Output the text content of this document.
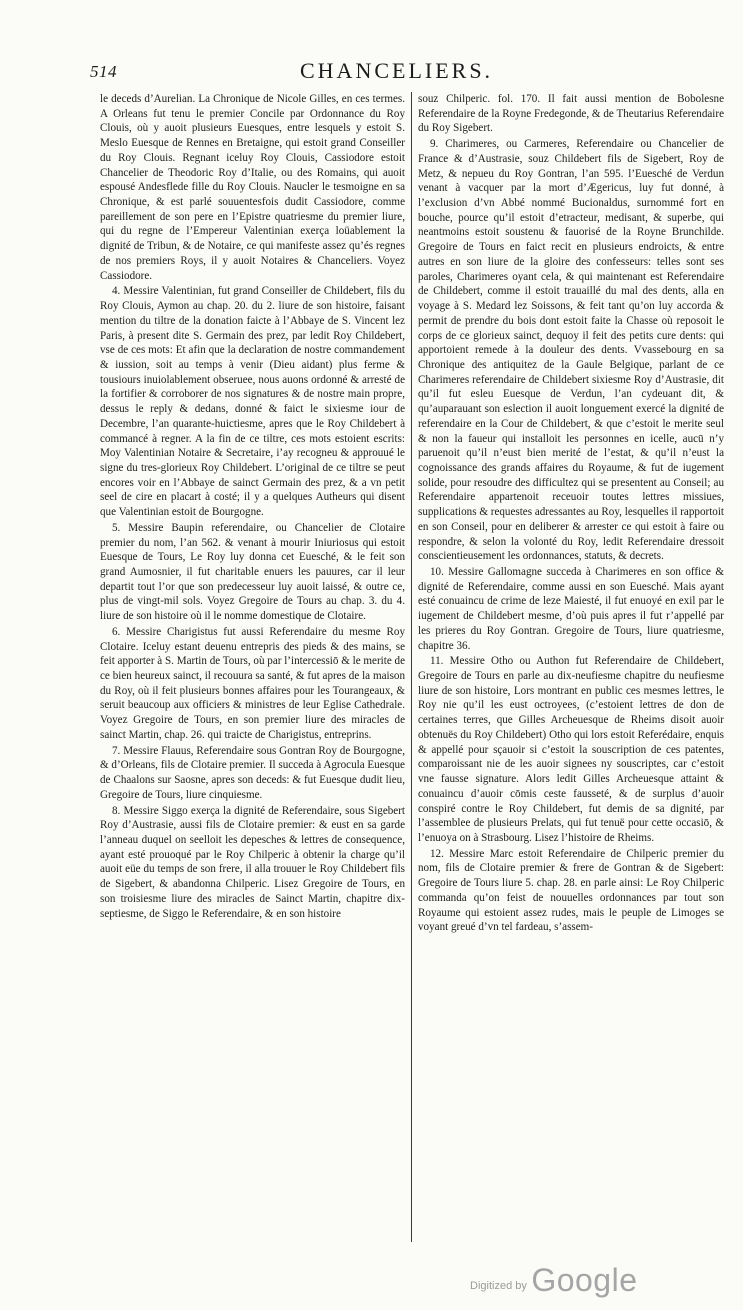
514	CHANCELIERS.

le deceds d’Aurelian. La Chronique de Nicole Gilles, en ces termes. A Orleans fut tenu le premier Concile par Ordonnance du Roy Clouis, où y auoit plusieurs Euesques, entre lesquels y estoit S. Meslo Euesque de Rennes en Bretaigne, qui estoit grand Conseiller du Roy Clouis. Regnant iceluy Roy Clouis, Cassiodore estoit Chancelier de Theodoric Roy d’Italie, ou des Romains, qui auoit espousé Andesflede fille du Roy Clouis. Naucler le tesmoigne en sa Chronique, & est parlé souuentesfois dudit Cassiodore, comme pareillement de son pere en l’Epistre quatriesme du premier liure, qui du regne de l’Empereur Valentinian exerça loüablement la dignité de Tribun, & de Notaire, ce qui manifeste assez qu’és regnes de nos premiers Roys, il y auoit Notaires & Chanceliers. Voyez Cassiodore.

4. Messire Valentinian, fut grand Conseiller de Childebert, fils du Roy Clouis, Aymon au chap. 20. du 2. liure de son histoire, faisant mention du tiltre de la donation faicte à l’Abbaye de S. Vincent lez Paris, à present dite S. Germain des prez, par ledit Roy Childebert, vse de ces mots: Et afin que la declaration de nostre commandement & iussion, soit au temps à venir (Dieu aidant) plus ferme & tousiours inuiolablement obseruee, nous auons ordonné & arresté de la fortifier & corroborer de nos signatures & de nostre main propre, dessus le reply & dedans, donné & faict le sixiesme iour de Decembre, l’an quarante-huictiesme, apres que le Roy Childebert à commancé à regner. A la fin de ce tiltre, ces mots estoient escrits: Moy Valentinian Notaire & Secretaire, i’ay recogneu & approuué le signe du tres-glorieux Roy Childebert. L’original de ce tiltre se peut encores voir en l’Abbaye de sainct Germain des prez, & a vn petit seel de cire en placart à costé; il y a quelques Autheurs qui disent que Valentinian estoit de Bourgogne.

5. Messire Baupin referendaire, ou Chancelier de Clotaire premier du nom, l’an 562. & venant à mourir Iniuriosus qui estoit Euesque de Tours, Le Roy luy donna cet Euesché, & le feit son grand Aumosnier, il fut charitable enuers les pauures, car il leur departit tout l’or que son predecesseur luy auoit laissé, & outre ce, plus de vingt-mil sols. Voyez Gregoire de Tours au chap. 3. du 4. liure de son histoire où il le nomme domestique de Clotaire.

6. Messire Charigistus fut aussi Referendaire du mesme Roy Clotaire. Iceluy estant deuenu entrepris des pieds & des mains, se feit apporter à S. Martin de Tours, où par l’intercessiō & le merite de ce bien heureux sainct, il recouura sa santé, & fut apres de la maison du Roy, où il feit plusieurs bonnes affaires pour les Tourangeaux, & seruit beaucoup aux officiers & ministres de leur Eglise Cathedrale. Voyez Gregoire de Tours, en son premier liure des miracles de sainct Martin, chap. 26. qui traicte de Charigistus, entreprins.

7. Messire Flauus, Referendaire sous Gontran Roy de Bourgogne, & d’Orleans, fils de Clotaire premier. Il succeda à Agrocula Euesque de Chaalons sur Saosne, apres son deceds: & fut Euesque dudit lieu, Gregoire de Tours, liure cinquiesme.

8. Messire Siggo exerça la dignité de Referendaire, sous Sigebert Roy d’Austrasie, aussi fils de Clotaire premier: & eust en sa garde l’anneau duquel on seelloit les depesches & lettres de consequence, ayant esté prouoqué par le Roy Chilperic à obtenir la charge qu’il auoit eüe du temps de son frere, il alla trouuer le Roy Childebert fils de Sigebert, & abandonna Chilperic. Lisez Gregoire de Tours, en son troisiesme liure des miracles de Sainct Martin, chapitre dix-septiesme, de Siggo le Referendaire, & en son histoire

souz Chilperic. fol. 170. Il fait aussi mention de Bobolesne Referendaire de la Royne Fredegonde, & de Theutarius Referendaire du Roy Sigebert.

9. Charimeres, ou Carmeres, Referendaire ou Chancelier de France & d’Austrasie, souz Childebert fils de Sigebert, Roy de Metz, & nepueu du Roy Gontran, l’an 595. l’Euesché de Verdun venant à vacquer par la mort d’Ægericus, luy fut donné, à l’exclusion d’vn Abbé nommé Bucionaldus, surnommé fort en bouche, pource qu’il estoit d’etracteur, medisant, & superbe, qui neantmoins estoit soustenu & fauorisé de la Royne Brunchilde. Gregoire de Tours en faict recit en plusieurs endroicts, & entre autres en son liure de la gloire des confesseurs: telles sont ses paroles, Charimeres oyant cela, & qui maintenant est Referendaire de Childebert, comme il estoit trauaillé du mal des dents, alla en voyage à S. Medard lez Soissons, & feit tant qu’on luy accorda & permit de prendre du bois dont estoit faite la Chasse où reposoit le corps de ce glorieux sainct, dequoy il feit des petits cure dents: qui apportoient remede à la douleur des dents. Vvassebourg en sa Chronique des antiquitez de la Gaule Belgique, parlant de ce Charimeres referendaire de Childebert sixiesme Roy d’Austrasie, dit qu’il fut esleu Euesque de Verdun, l’an cydeuant dit, & qu’auparauant son eslection il auoit longuement exercé la dignité de referendaire en la Cour de Childebert, & que c’estoit le merite seul & non la faueur qui installoit les personnes en icelle, aucū n’y paruenoit qu’il n’eust bien merité de l’estat, & qu’il n’eust la cognoissance des grands affaires du Royaume, & fut de iugement solide, pour resoudre des difficultez qui se presentent au Conseil; au Referendaire appartenoit receuoir toutes lettres missiues, supplications & requestes adressantes au Roy, lesquelles il rapportoit en son Conseil, pour en deliberer & arrester ce qui estoit à faire ou respondre, & selon la volonté du Roy, ledit Referendaire dressoit conscientieusement les ordonnances, statuts, & decrets.

10. Messire Gallomagne succeda à Charimeres en son office & dignité de Referendaire, comme aussi en son Euesché. Mais ayant esté conuaincu de crime de leze Maiesté, il fut enuoyé en exil par le iugement de Childebert mesme, d’où puis apres il fut r’appellé par les prieres du Roy Gontran. Gregoire de Tours, liure quatriesme, chapitre 36.

11. Messire Otho ou Authon fut Referendaire de Childebert, Gregoire de Tours en parle au dix-neufiesme chapitre du neufiesme liure de son histoire, Lors montrant en public ces mesmes lettres, le Roy nie qu’il les eust octroyees, (c’estoient lettres de don de certaines terres, que Gilles Archeuesque de Rheims disoit auoir obtenuës du Roy Childebert) Otho qui lors estoit Referédaire, enquis & appellé pour sçauoir si c’estoit la souscription de ces patentes, comparoissant nie de les auoir signees ny souscriptes, car c’estoit vne fausse signature. Alors ledit Gilles Archeuesque attaint & conuaincu d’auoir cōmis ceste fausseté, & de surplus d’auoir conspiré contre le Roy Childebert, fut demis de sa dignité, par l’assemblee de plusieurs Prelats, qui fut tenuë pour cette occasiō, & l’enuoya on à Strasbourg. Lisez l’histoire de Rheims.

12. Messire Marc estoit Referendaire de Chilperic premier du nom, fils de Clotaire premier & frere de Gontran & de Sigebert: Gregoire de Tours liure 5. chap. 28. en parle ainsi: Le Roy Chilperic commanda qu’on feist de nouuelles ordonnances par tout son Royaume qui estoient assez rudes, mais le peuple de Limoges se voyant greué d’vn tel fardeau, s’assem-

Digitized by Google
